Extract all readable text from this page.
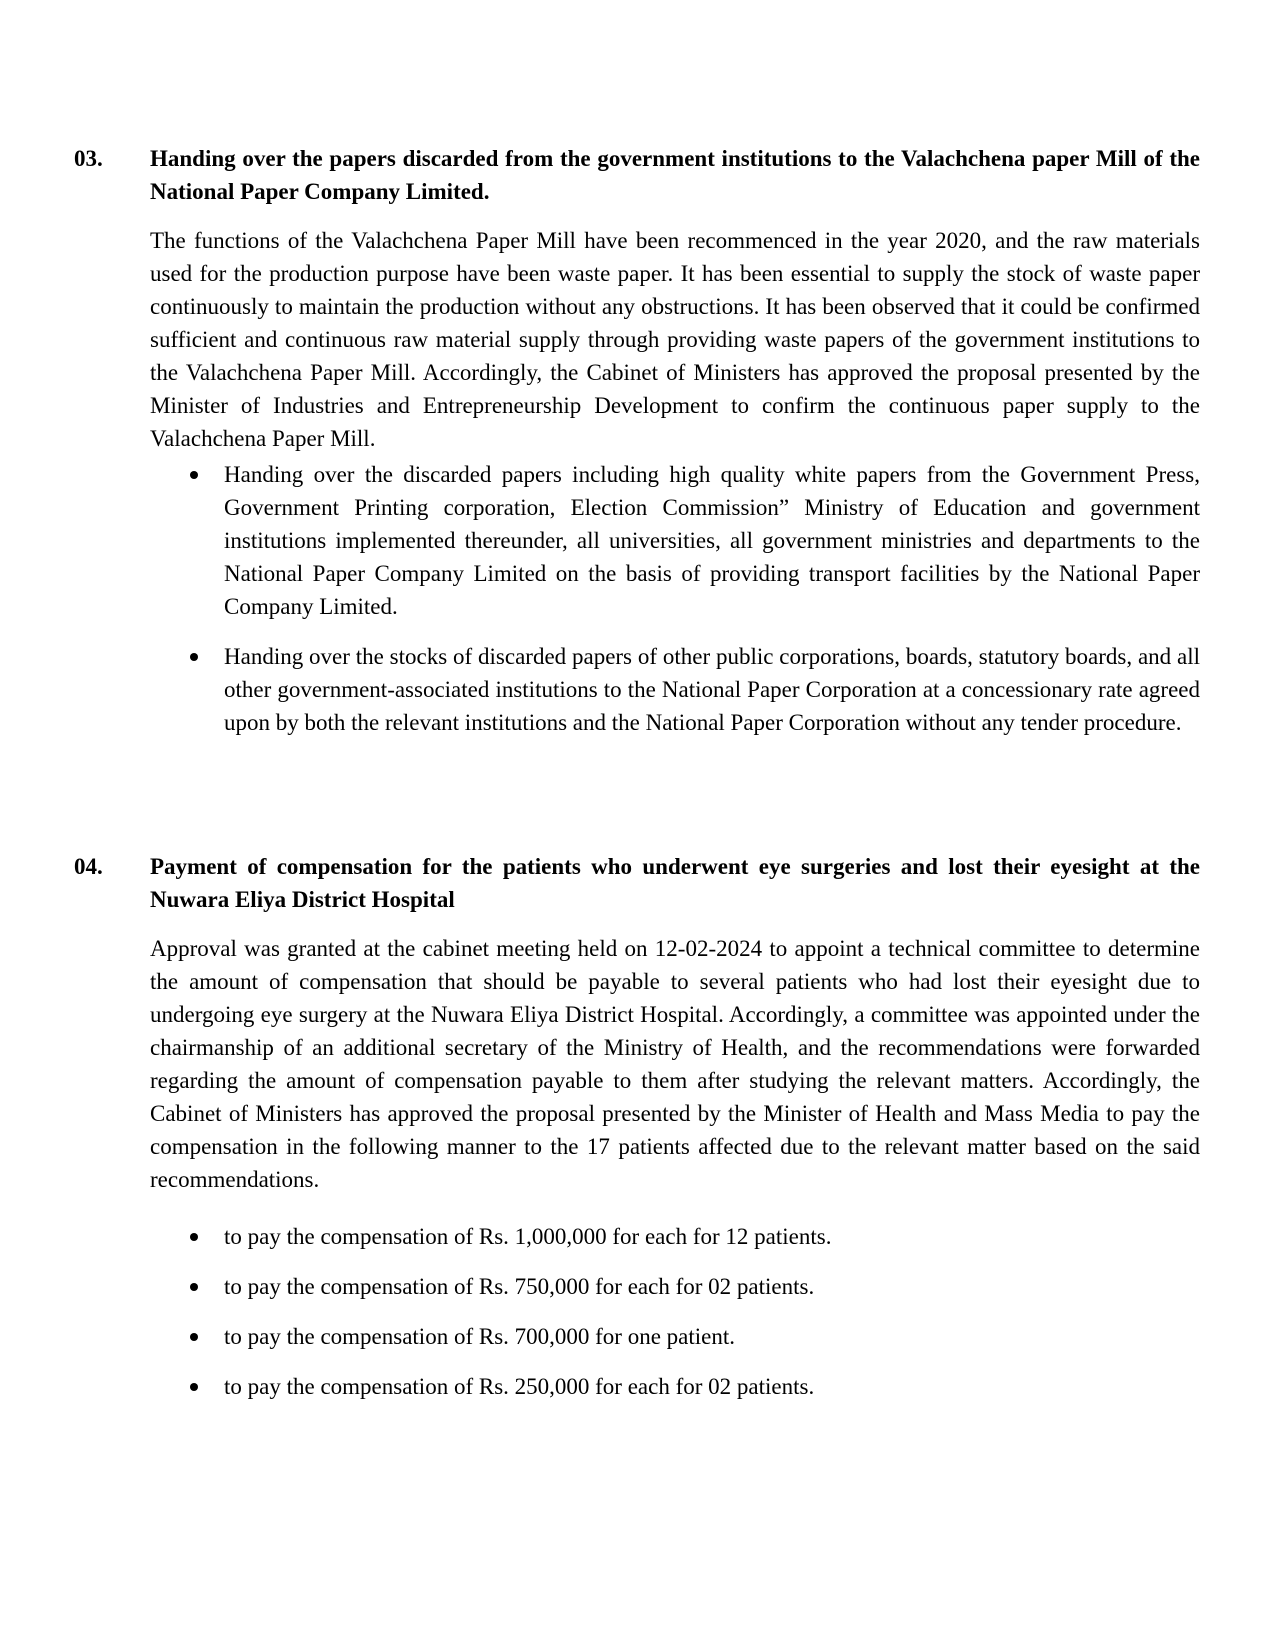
03. Handing over the papers discarded from the government institutions to the Valachchena paper Mill of the National Paper Company Limited.

The functions of the Valachchena Paper Mill have been recommenced in the year 2020, and the raw materials used for the production purpose have been waste paper. It has been essential to supply the stock of waste paper continuously to maintain the production without any obstructions. It has been observed that it could be confirmed sufficient and continuous raw material supply through providing waste papers of the government institutions to the Valachchena Paper Mill. Accordingly, the Cabinet of Ministers has approved the proposal presented by the Minister of Industries and Entrepreneurship Development to confirm the continuous paper supply to the Valachchena Paper Mill.

Handing over the discarded papers including high quality white papers from the Government Press, Government Printing corporation, Election Commission” Ministry of Education and government institutions implemented thereunder, all universities, all government ministries and departments to the National Paper Company Limited on the basis of providing transport facilities by the National Paper Company Limited.
Handing over the stocks of discarded papers of other public corporations, boards, statutory boards, and all other government-associated institutions to the National Paper Corporation at a concessionary rate agreed upon by both the relevant institutions and the National Paper Corporation without any tender procedure.
04. Payment of compensation for the patients who underwent eye surgeries and lost their eyesight at the Nuwara Eliya District Hospital

Approval was granted at the cabinet meeting held on 12-02-2024 to appoint a technical committee to determine the amount of compensation that should be payable to several patients who had lost their eyesight due to undergoing eye surgery at the Nuwara Eliya District Hospital. Accordingly, a committee was appointed under the chairmanship of an additional secretary of the Ministry of Health, and the recommendations were forwarded regarding the amount of compensation payable to them after studying the relevant matters. Accordingly, the Cabinet of Ministers has approved the proposal presented by the Minister of Health and Mass Media to pay the compensation in the following manner to the 17 patients affected due to the relevant matter based on the said recommendations.

to pay the compensation of Rs. 1,000,000 for each for 12 patients.
to pay the compensation of Rs. 750,000 for each for 02 patients.
to pay the compensation of Rs. 700,000 for one patient.
to pay the compensation of Rs. 250,000 for each for 02 patients.
